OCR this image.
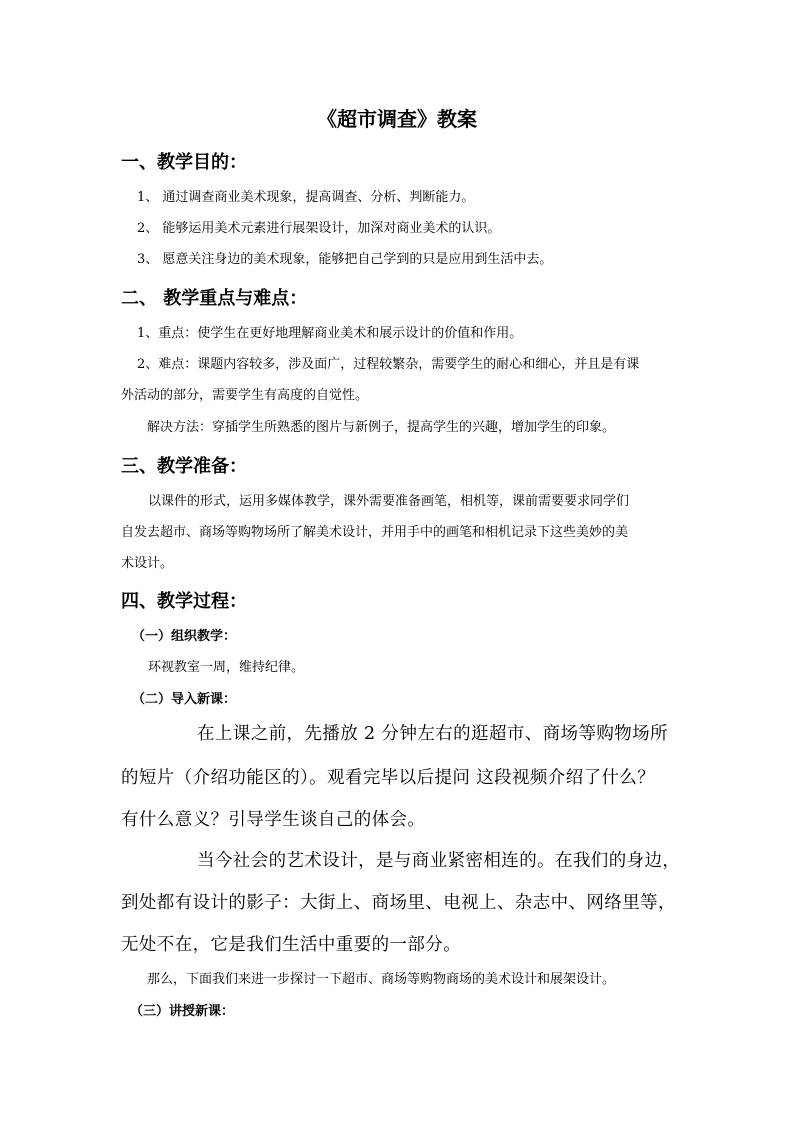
《超市调查》教案
一、教学目的：
1、 通过调查商业美术现象，提高调查、分析、判断能力。
2、 能够运用美术元素进行展架设计，加深对商业美术的认识。
3、 愿意关注身边的美术现象，能够把自己学到的只是应用到生活中去。
二、 教学重点与难点：
1、重点：使学生在更好地理解商业美术和展示设计的价值和作用。
2、难点：课题内容较多，涉及面广，过程较繁杂，需要学生的耐心和细心，并且是有课
外活动的部分，需要学生有高度的自觉性。
解决方法：穿插学生所熟悉的图片与新例子，提高学生的兴趣，增加学生的印象。
三、教学准备：
以课件的形式，运用多媒体教学，课外需要准备画笔，相机等，课前需要要求同学们
自发去超市、商场等购物场所了解美术设计，并用手中的画笔和相机记录下这些美妙的美
术设计。
四、教学过程：
（一）组织教学：
环视教室一周，维持纪律。
（二）导入新课：
在上课之前，先播放 2 分钟左右的逛超市、商场等购物场所
的短片（介绍功能区的）。观看完毕以后提问 这段视频介绍了什么？
有什么意义？引导学生谈自己的体会。
当今社会的艺术设计，是与商业紧密相连的。在我们的身边，
到处都有设计的影子：大街上、商场里、电视上、杂志中、网络里等，
无处不在，它是我们生活中重要的一部分。
那么，下面我们来进一步探讨一下超市、商场等购物商场的美术设计和展架设计。
（三）讲授新课：
